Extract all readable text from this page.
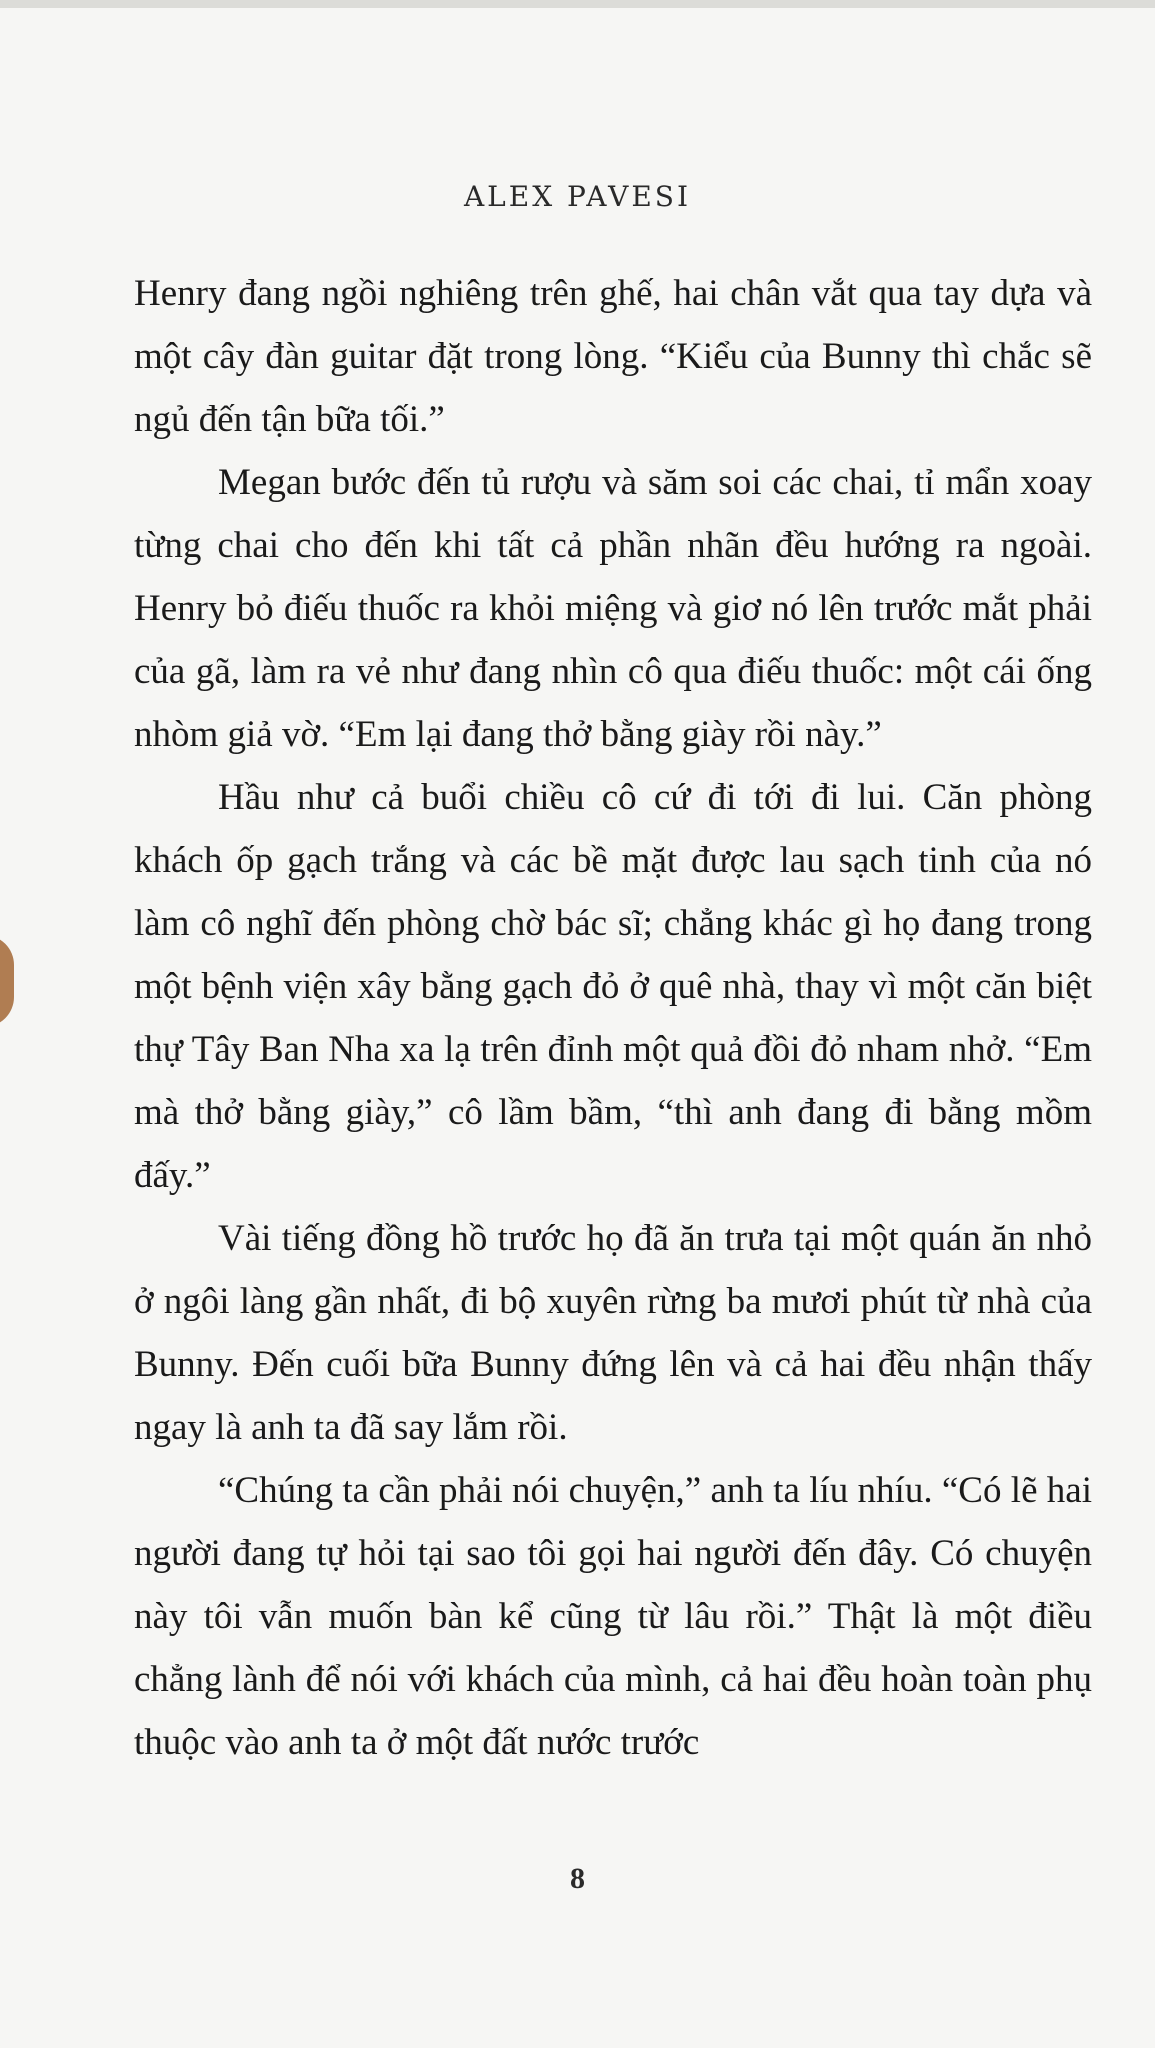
ALEX PAVESI

Henry đang ngồi nghiêng trên ghế, hai chân vắt qua tay dựa và một cây đàn guitar đặt trong lòng. “Kiểu của Bunny thì chắc sẽ ngủ đến tận bữa tối.”

Megan bước đến tủ rượu và săm soi các chai, tỉ mẩn xoay từng chai cho đến khi tất cả phần nhãn đều hướng ra ngoài. Henry bỏ điếu thuốc ra khỏi miệng và giơ nó lên trước mắt phải của gã, làm ra vẻ như đang nhìn cô qua điếu thuốc: một cái ống nhòm giả vờ. “Em lại đang thở bằng giày rồi này.”

Hầu như cả buổi chiều cô cứ đi tới đi lui. Căn phòng khách ốp gạch trắng và các bề mặt được lau sạch tinh của nó làm cô nghĩ đến phòng chờ bác sĩ; chẳng khác gì họ đang trong một bệnh viện xây bằng gạch đỏ ở quê nhà, thay vì một căn biệt thự Tây Ban Nha xa lạ trên đỉnh một quả đồi đỏ nham nhở. “Em mà thở bằng giày,” cô lầm bầm, “thì anh đang đi bằng mồm đấy.”

Vài tiếng đồng hồ trước họ đã ăn trưa tại một quán ăn nhỏ ở ngôi làng gần nhất, đi bộ xuyên rừng ba mươi phút từ nhà của Bunny. Đến cuối bữa Bunny đứng lên và cả hai đều nhận thấy ngay là anh ta đã say lắm rồi.

“Chúng ta cần phải nói chuyện,” anh ta líu nhíu. “Có lẽ hai người đang tự hỏi tại sao tôi gọi hai người đến đây. Có chuyện này tôi vẫn muốn bàn kể cũng từ lâu rồi.” Thật là một điều chẳng lành để nói với khách của mình, cả hai đều hoàn toàn phụ thuộc vào anh ta ở một đất nước trước

8
